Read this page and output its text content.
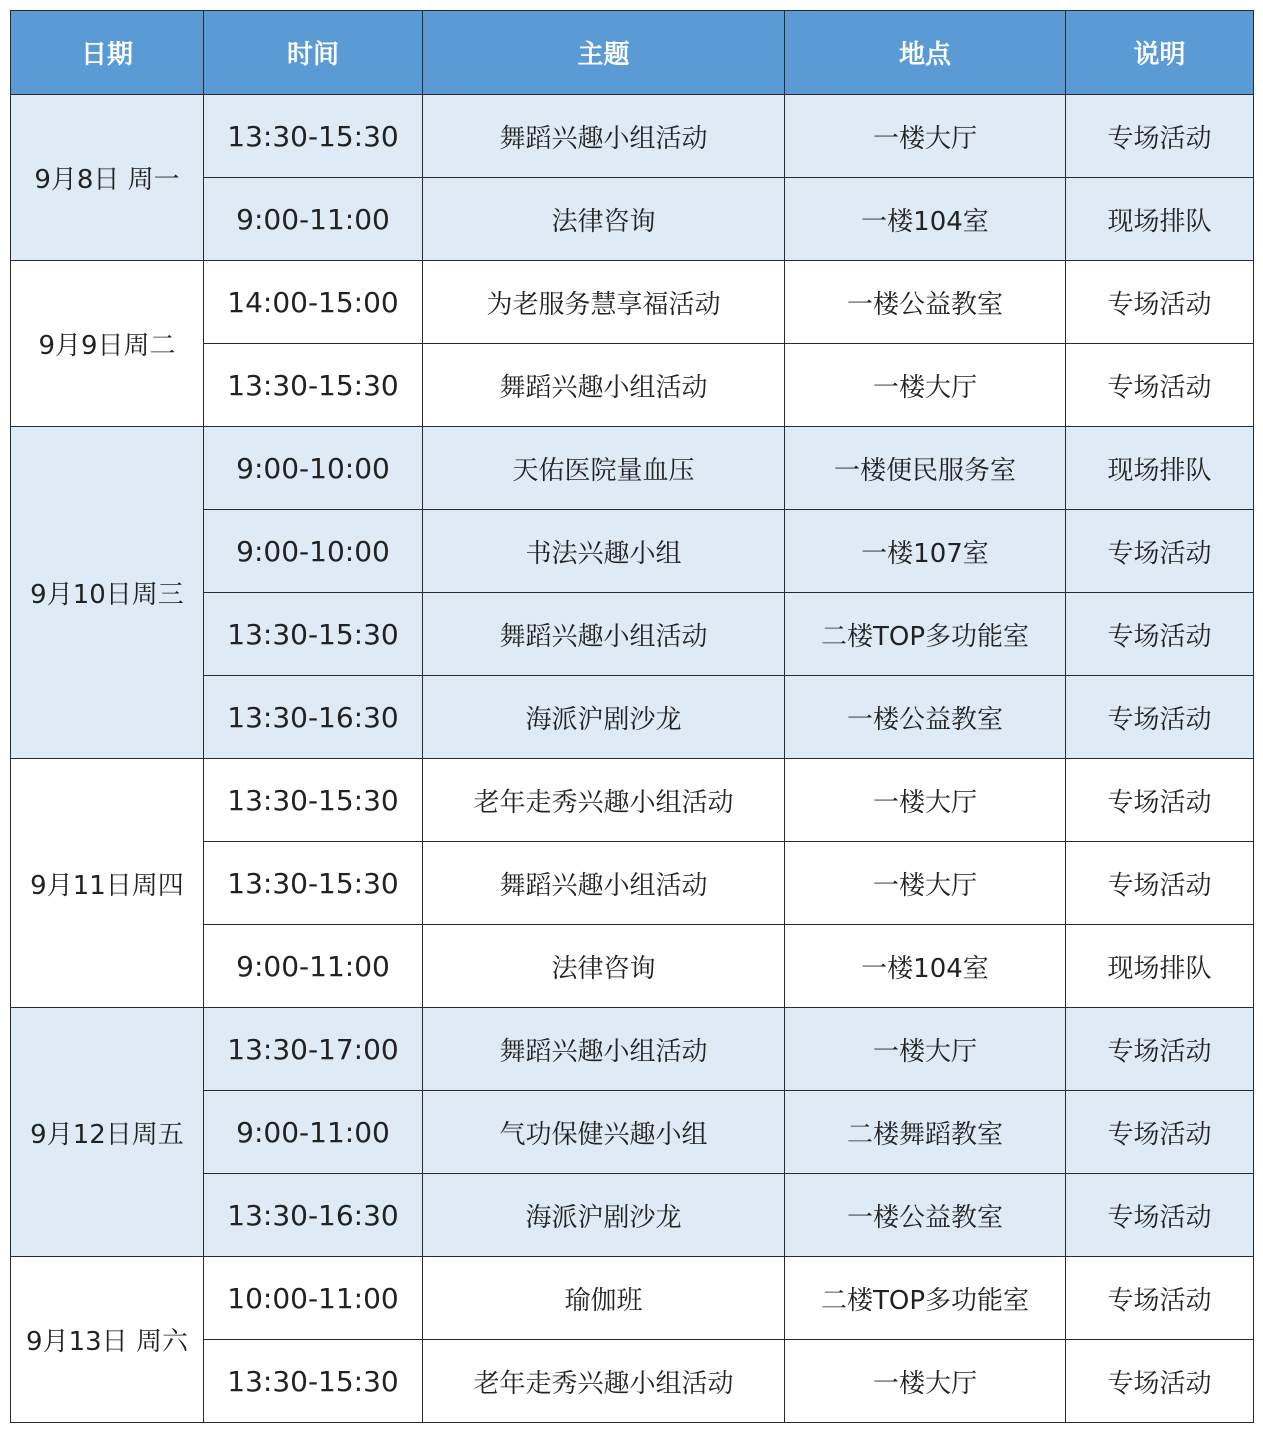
日期	时间	主题	地点	说明
9月8日 周一	13:30-15:30	舞蹈兴趣小组活动	一楼大厅	专场活动
	9:00-11:00	法律咨询	一楼104室	现场排队
9月9日周二	14:00-15:00	为老服务慧享福活动	一楼公益教室	专场活动
	13:30-15:30	舞蹈兴趣小组活动	一楼大厅	专场活动
9月10日周三	9:00-10:00	天佑医院量血压	一楼便民服务室	现场排队
	9:00-10:00	书法兴趣小组	一楼107室	专场活动
	13:30-15:30	舞蹈兴趣小组活动	二楼TOP多功能室	专场活动
	13:30-16:30	海派沪剧沙龙	一楼公益教室	专场活动
9月11日周四	13:30-15:30	老年走秀兴趣小组活动	一楼大厅	专场活动
	13:30-15:30	舞蹈兴趣小组活动	一楼大厅	专场活动
	9:00-11:00	法律咨询	一楼104室	现场排队
9月12日周五	13:30-17:00	舞蹈兴趣小组活动	一楼大厅	专场活动
	9:00-11:00	气功保健兴趣小组	二楼舞蹈教室	专场活动
	13:30-16:30	海派沪剧沙龙	一楼公益教室	专场活动
9月13日 周六	10:00-11:00	瑜伽班	二楼TOP多功能室	专场活动
	13:30-15:30	老年走秀兴趣小组活动	一楼大厅	专场活动
